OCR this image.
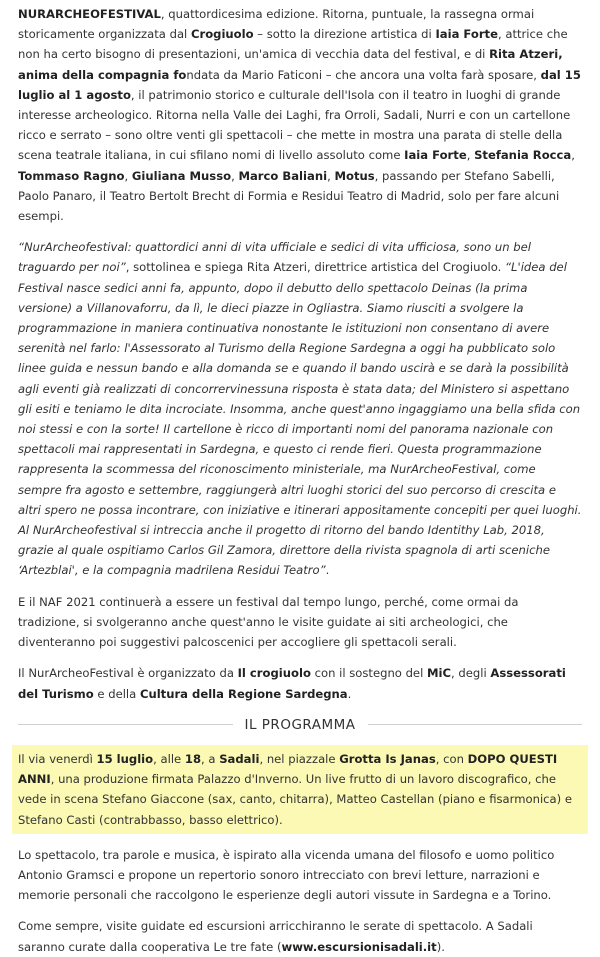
NURARCHEOFESTIVAL, quattordicesima edizione. Ritorna, puntuale, la rassegna ormai storicamente organizzata dal Crogiuolo – sotto la direzione artistica di Iaia Forte, attrice che non ha certo bisogno di presentazioni, un'amica di vecchia data del festival, e di Rita Atzeri, anima della compagnia fondata da Mario Faticoni – che ancora una volta farà sposare, dal 15 luglio al 1 agosto, il patrimonio storico e culturale dell'Isola con il teatro in luoghi di grande interesse archeologico. Ritorna nella Valle dei Laghi, fra Orroli, Sadali, Nurri e con un cartellone ricco e serrato – sono oltre venti gli spettacoli – che mette in mostra una parata di stelle della scena teatrale italiana, in cui sfilano nomi di livello assoluto come Iaia Forte, Stefania Rocca, Tommaso Ragno, Giuliana Musso, Marco Baliani, Motus, passando per Stefano Sabelli, Paolo Panaro, il Teatro Bertolt Brecht di Formia e Residui Teatro di Madrid, solo per fare alcuni esempi.

“NurArcheofestival: quattordici anni di vita ufficiale e sedici di vita ufficiosa, sono un bel traguardo per noi”, sottolinea e spiega Rita Atzeri, direttrice artistica del Crogiuolo. “L'idea del Festival nasce sedici anni fa, appunto, dopo il debutto dello spettacolo Deinas (la prima versione) a Villanovaforru, da lì, le dieci piazze in Ogliastra. Siamo riusciti a svolgere la programmazione in maniera continuativa nonostante le istituzioni non consentano di avere serenità nel farlo: l'Assessorato al Turismo della Regione Sardegna a oggi ha pubblicato solo linee guida e nessun bando e alla domanda se e quando il bando uscirà e se darà la possibilità agli eventi già realizzati di concorrervinessuna risposta è stata data; del Ministero si aspettano gli esiti e teniamo le dita incrociate. Insomma, anche quest'anno ingaggiamo una bella sfida con noi stessi e con la sorte! Il cartellone è ricco di importanti nomi del panorama nazionale con spettacoli mai rappresentati in Sardegna, e questo ci rende fieri. Questa programmazione rappresenta la scommessa del riconoscimento ministeriale, ma NurArcheoFestival, come sempre fra agosto e settembre, raggiungerà altri luoghi storici del suo percorso di crescita e altri spero ne possa incontrare, con iniziative e itinerari appositamente concepiti per quei luoghi. Al NurArcheofestival si intreccia anche il progetto di ritorno del bando Identithy Lab, 2018, grazie al quale ospitiamo Carlos Gil Zamora, direttore della rivista spagnola di arti sceniche ‘Artezblai', e la compagnia madrilena Residui Teatro”.

E il NAF 2021 continuerà a essere un festival dal tempo lungo, perché, come ormai da tradizione, si svolgeranno anche quest'anno le visite guidate ai siti archeologici, che diventeranno poi suggestivi palcoscenici per accogliere gli spettacoli serali.

Il NurArcheoFestival è organizzato da Il crogiuolo con il sostegno del MiC, degli Assessorati del Turismo e della Cultura della Regione Sardegna.

IL PROGRAMMA

Il via venerdì 15 luglio, alle 18, a Sadali, nel piazzale Grotta Is Janas, con DOPO QUESTI ANNI, una produzione firmata Palazzo d'Inverno. Un live frutto di un lavoro discografico, che vede in scena Stefano Giaccone (sax, canto, chitarra), Matteo Castellan (piano e fisarmonica) e Stefano Casti (contrabbasso, basso elettrico).

Lo spettacolo, tra parole e musica, è ispirato alla vicenda umana del filosofo e uomo politico Antonio Gramsci e propone un repertorio sonoro intrecciato con brevi letture, narrazioni e memorie personali che raccolgono le esperienze degli autori vissute in Sardegna e a Torino.

Come sempre, visite guidate ed escursioni arricchiranno le serate di spettacolo. A Sadali saranno curate dalla cooperativa Le tre fate (www.escursionisadali.it).
